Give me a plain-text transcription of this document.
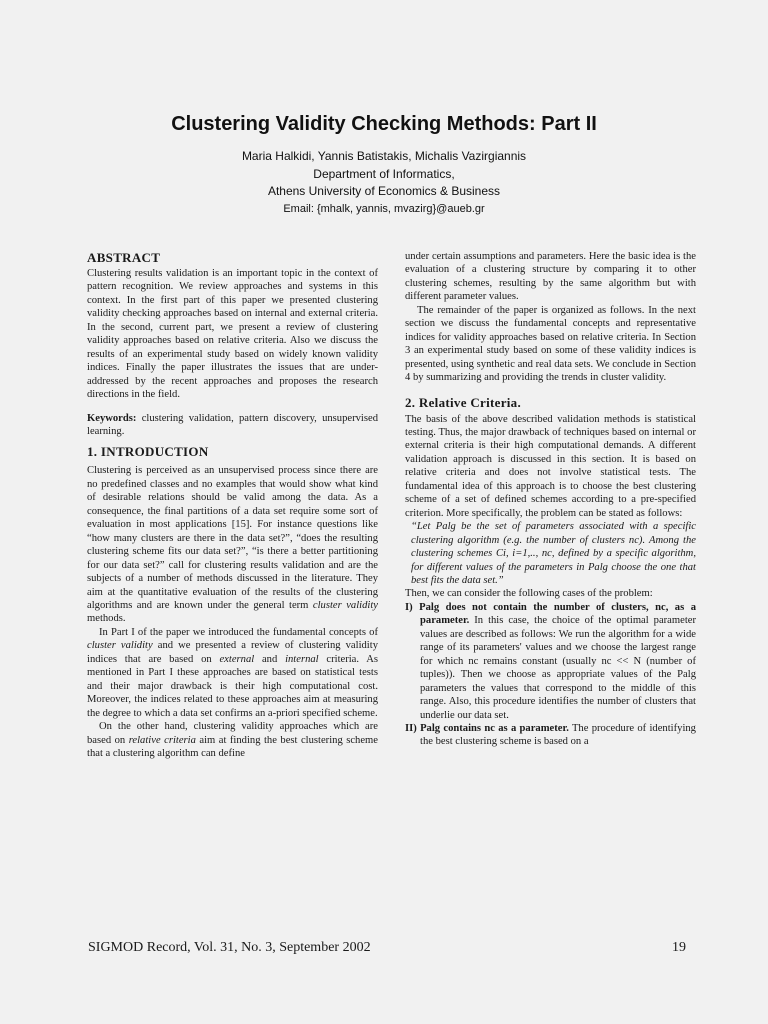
Clustering Validity Checking Methods: Part II
Maria Halkidi, Yannis Batistakis, Michalis Vazirgiannis
Department of Informatics,
Athens University of Economics & Business
Email: {mhalk, yannis, mvazirg}@aueb.gr
ABSTRACT

Clustering results validation is an important topic in the context of pattern recognition. We review approaches and systems in this context. In the first part of this paper we presented clustering validity checking approaches based on internal and external criteria. In the second, current part, we present a review of clustering validity approaches based on relative criteria. Also we discuss the results of an experimental study based on widely known validity indices. Finally the paper illustrates the issues that are under-addressed by the recent approaches and proposes the research directions in the field.

Keywords: clustering validation, pattern discovery, unsupervised learning.

1. INTRODUCTION

Clustering is perceived as an unsupervised process since there are no predefined classes and no examples that would show what kind of desirable relations should be valid among the data. As a consequence, the final partitions of a data set require some sort of evaluation in most applications [15]. For instance questions like “how many clusters are there in the data set?”, “does the resulting clustering scheme fits our data set?”, “is there a better partitioning for our data set?” call for clustering results validation and are the subjects of a number of methods discussed in the literature. They aim at the quantitative evaluation of the results of the clustering algorithms and are known under the general term cluster validity methods.

In Part I of the paper we introduced the fundamental concepts of cluster validity and we presented a review of clustering validity indices that are based on external and internal criteria. As mentioned in Part I these approaches are based on statistical tests and their major drawback is their high computational cost. Moreover, the indices related to these approaches aim at measuring the degree to which a data set confirms an a-priori specified scheme.

On the other hand, clustering validity approaches which are based on relative criteria aim at finding the best clustering scheme that a clustering algorithm can define

under certain assumptions and parameters. Here the basic idea is the evaluation of a clustering structure by comparing it to other clustering schemes, resulting by the same algorithm but with different parameter values.

The remainder of the paper is organized as follows. In the next section we discuss the fundamental concepts and representative indices for validity approaches based on relative criteria. In Section 3 an experimental study based on some of these validity indices is presented, using synthetic and real data sets. We conclude in Section 4 by summarizing and providing the trends in cluster validity.

2. Relative Criteria.

The basis of the above described validation methods is statistical testing. Thus, the major drawback of techniques based on internal or external criteria is their high computational demands. A different validation approach is discussed in this section. It is based on relative criteria and does not involve statistical tests. The fundamental idea of this approach is to choose the best clustering scheme of a set of defined schemes according to a pre-specified criterion. More specifically, the problem can be stated as follows:

“Let Palg be the set of parameters associated with a specific clustering algorithm (e.g. the number of clusters nc). Among the clustering schemes Ci, i=1,.., nc, defined by a specific algorithm, for different values of the parameters in Palg choose the one that best fits the data set.”

Then, we can consider the following cases of the problem:

I) Palg does not contain the number of clusters, nc, as a parameter. In this case, the choice of the optimal parameter values are described as follows: We run the algorithm for a wide range of its parameters' values and we choose the largest range for which nc remains constant (usually nc << N (number of tuples)). Then we choose as appropriate values of the Palg parameters the values that correspond to the middle of this range. Also, this procedure identifies the number of clusters that underlie our data set.

II) Palg contains nc as a parameter. The procedure of identifying the best clustering scheme is based on a

SIGMOD Record, Vol. 31, No. 3, September 2002	19
